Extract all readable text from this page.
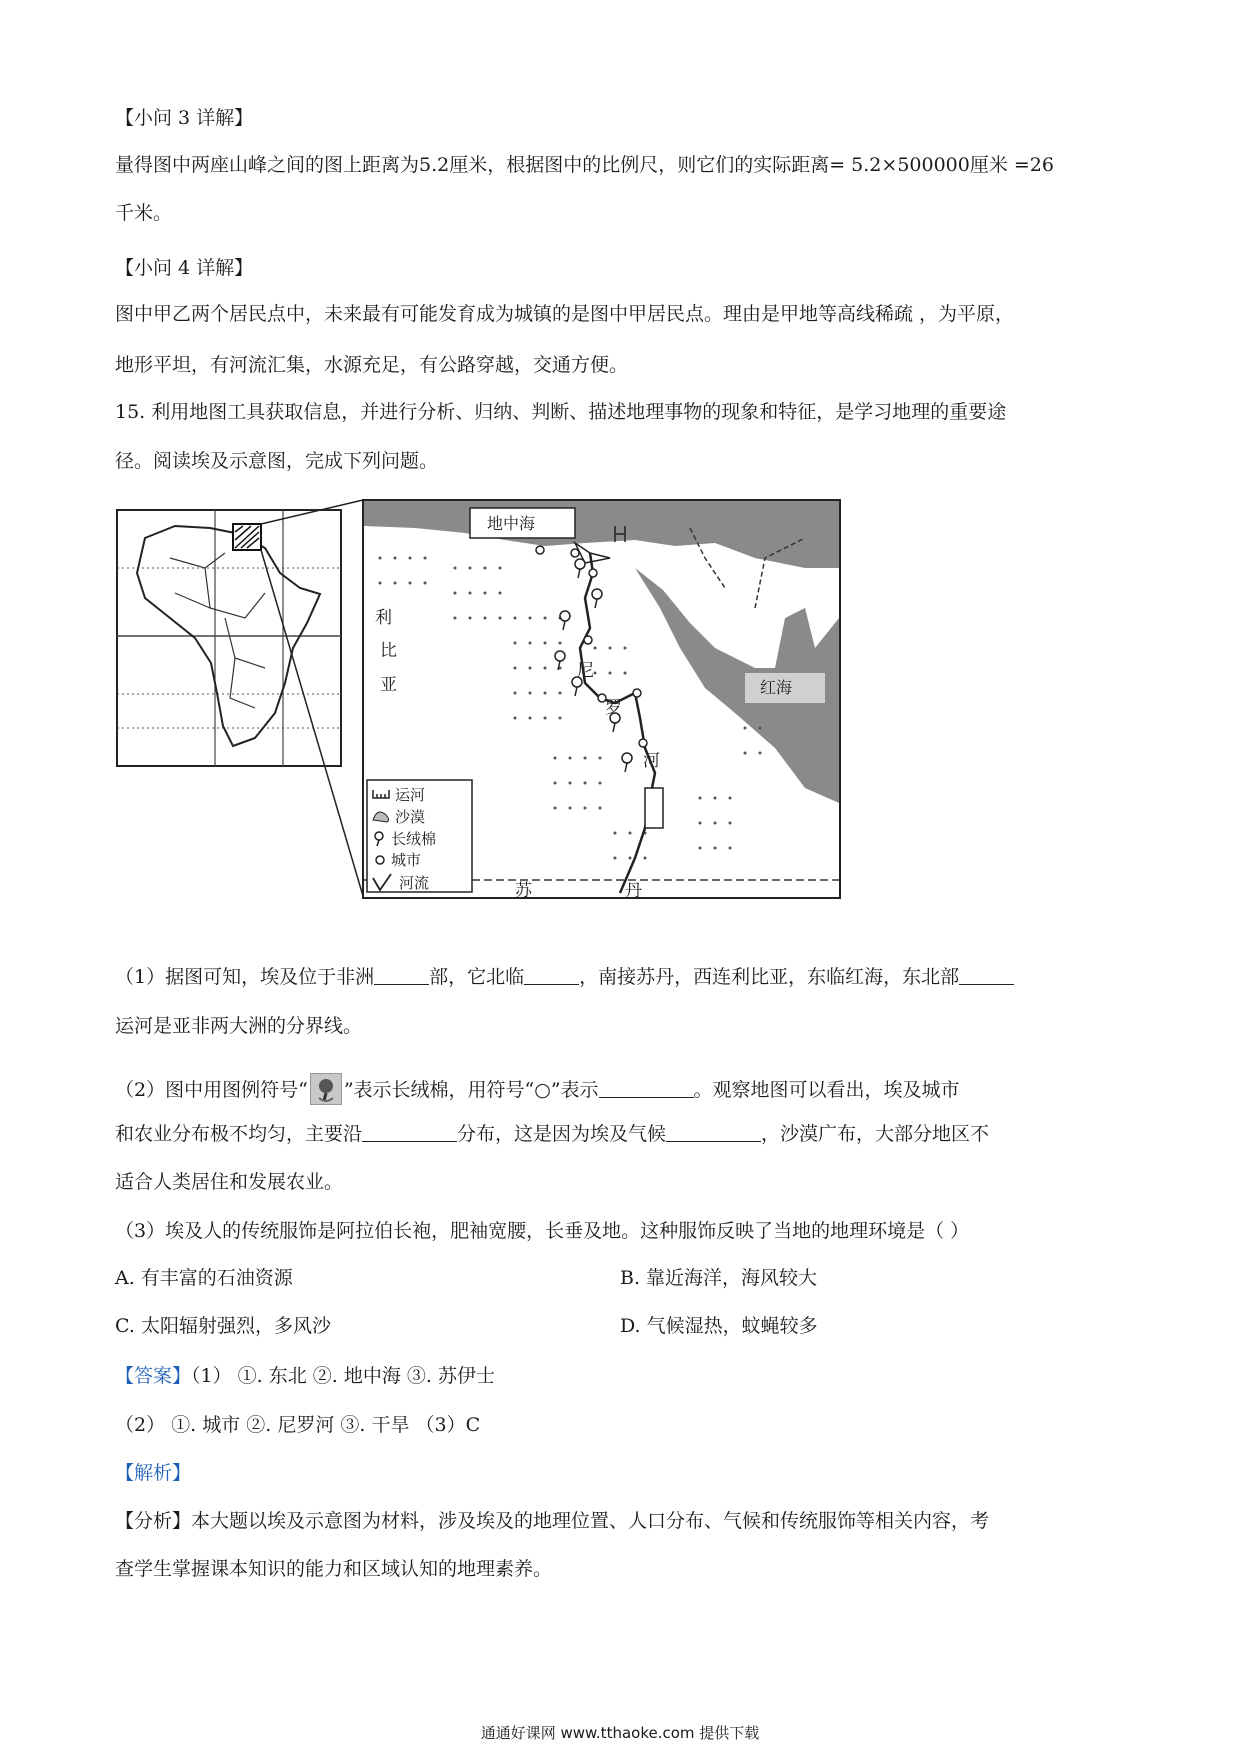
【小问 3 详解】
量得图中两座山峰之间的图上距离为5.2厘米，根据图中的比例尺，则它们的实际距离= 5.2×500000厘米 =26
千米。
【小问 4 详解】
图中甲乙两个居民点中，未来最有可能发育成为城镇的是图中甲居民点。理由是甲地等高线稀疏 ，为平原，
地形平坦，有河流汇集，水源充足，有公路穿越，交通方便。
15. 利用地图工具获取信息，并进行分析、归纳、判断、描述地理事物的现象和特征，是学习地理的重要途
径。阅读埃及示意图，完成下列问题。
地中海
红海
利
比
亚
尼
罗
河
苏	丹
运河
沙漠
长绒棉
城市
河流
（1）据图可知，埃及位于非洲	部，它北临	，南接苏丹，西连利比亚，东临红海，东北部
运河是亚非两大洲的分界线。
（2）图中用图例符号“ ”表示长绒棉，用符号“○”表示	。观察地图可以看出，埃及城市
和农业分布极不均匀，主要沿	分布，这是因为埃及气候	，沙漠广布，大部分地区不
适合人类居住和发展农业。
（3）埃及人的传统服饰是阿拉伯长袍，肥袖宽腰，长垂及地。这种服饰反映了当地的地理环境是（ ）
A. 有丰富的石油资源	B. 靠近海洋，海风较大
C. 太阳辐射强烈，多风沙	D. 气候湿热，蚊蝇较多
【答案】（1） ①. 东北 ②. 地中海 ③. 苏伊士
（2） ①. 城市 ②. 尼罗河 ③. 干旱 （3）C
【解析】
【分析】本大题以埃及示意图为材料，涉及埃及的地理位置、人口分布、气候和传统服饰等相关内容，考
查学生掌握课本知识的能力和区域认知的地理素养。
通通好课网 www.tthaoke.com 提供下载
